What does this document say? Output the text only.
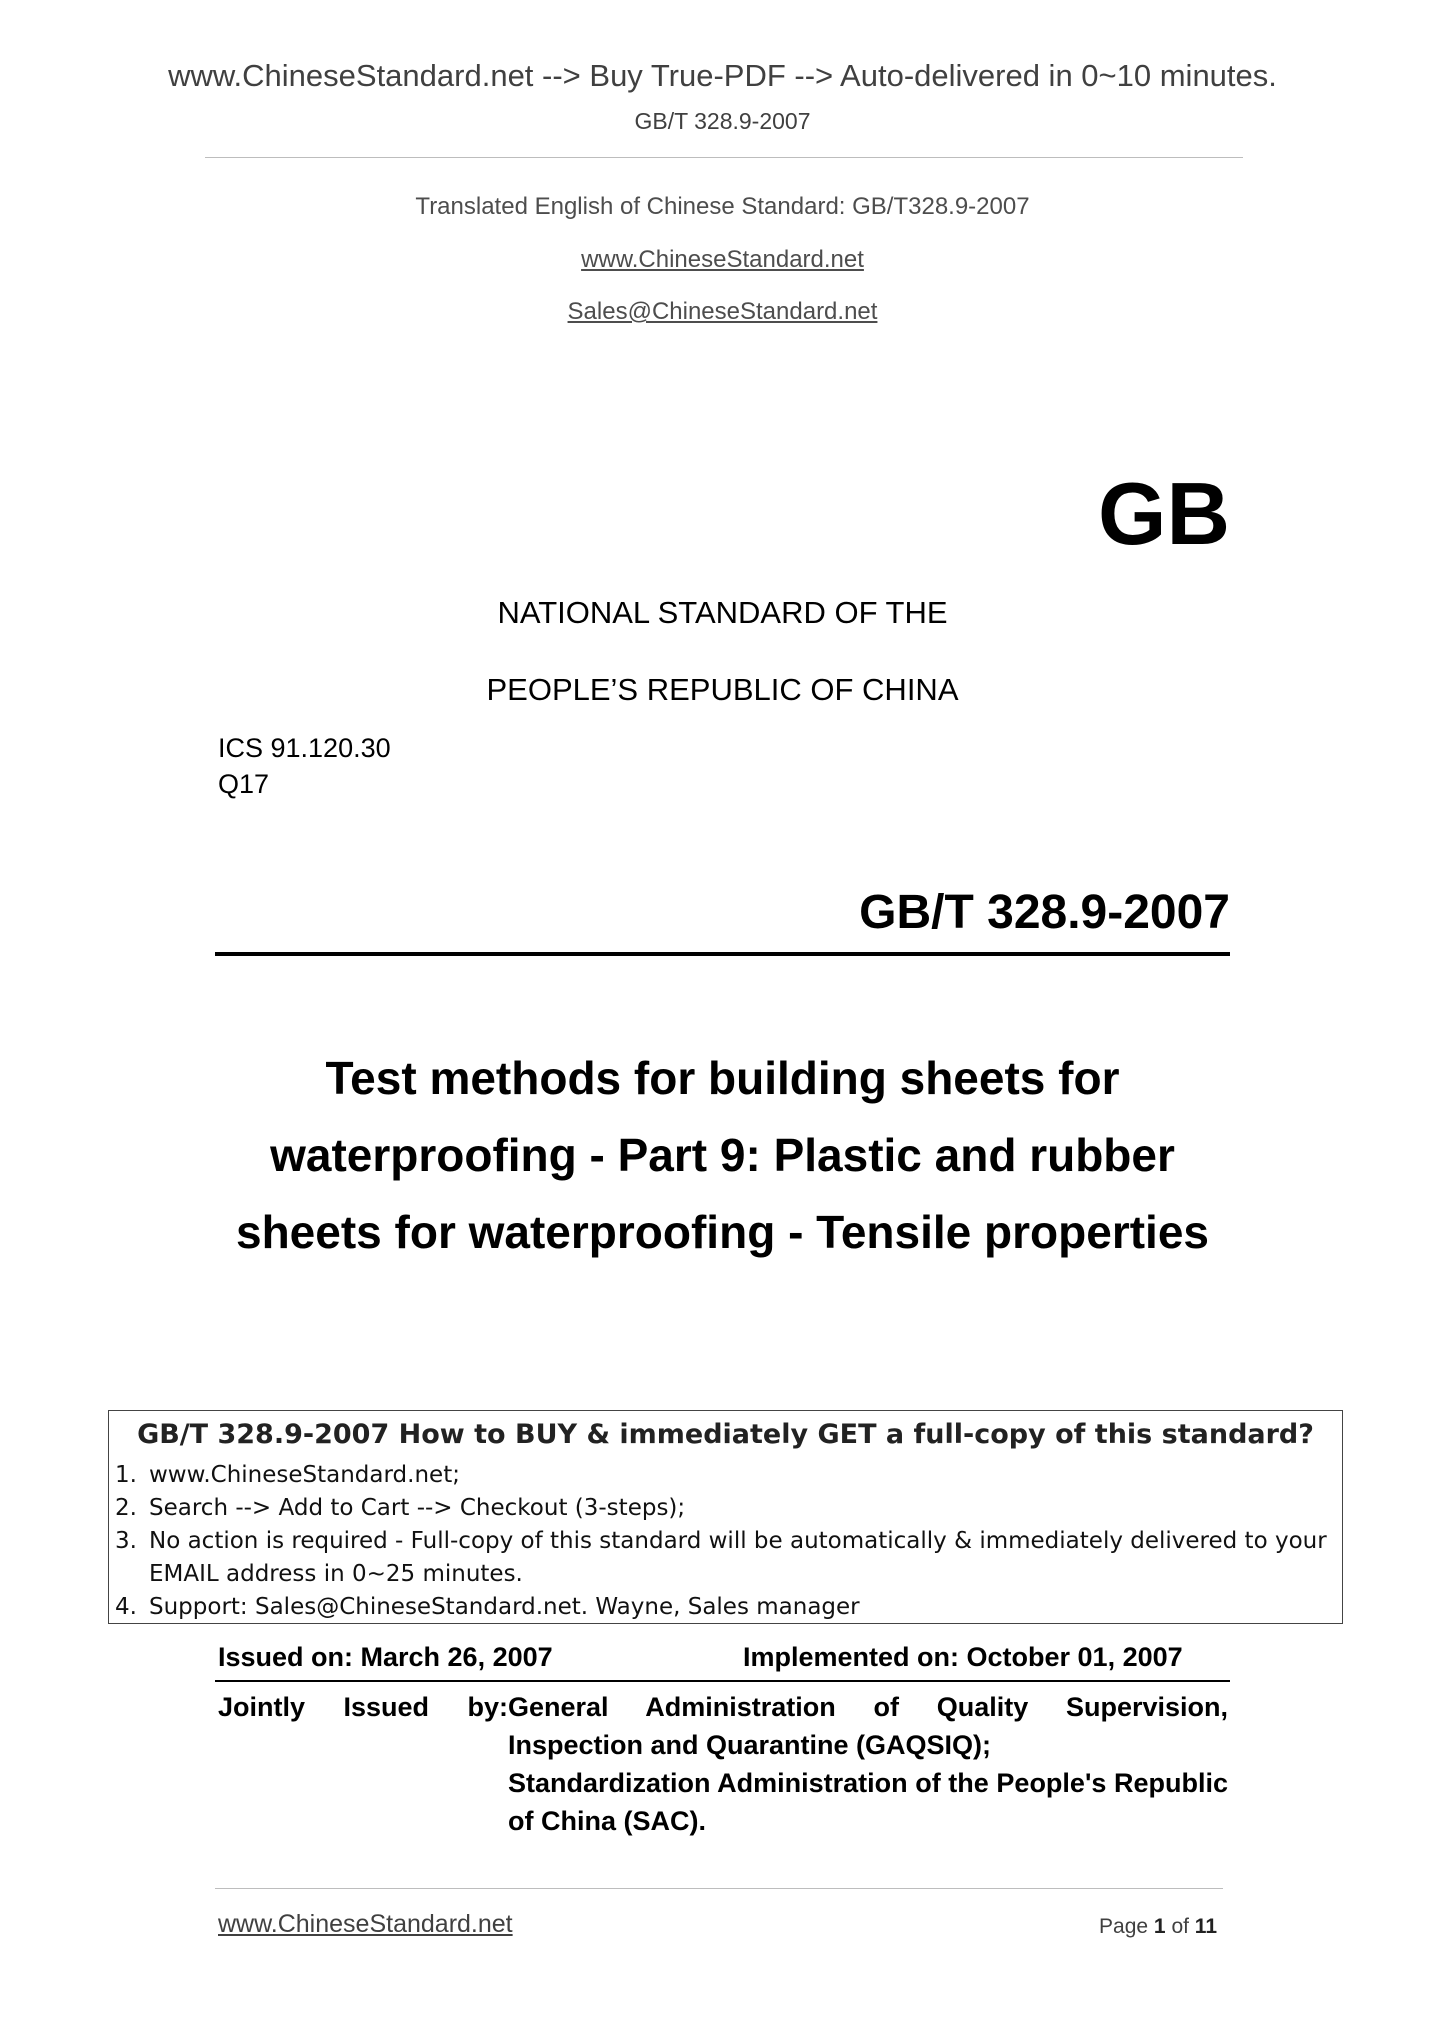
www.ChineseStandard.net --> Buy True-PDF --> Auto-delivered in 0~10 minutes.
GB/T 328.9-2007
Translated English of Chinese Standard: GB/T328.9-2007
www.ChineseStandard.net
Sales@ChineseStandard.net
GB
NATIONAL STANDARD OF THE
PEOPLE’S REPUBLIC OF CHINA
ICS 91.120.30
Q17
GB/T 328.9-2007
Test methods for building sheets for
waterproofing - Part 9: Plastic and rubber
sheets for waterproofing - Tensile properties
GB/T 328.9-2007 How to BUY & immediately GET a full-copy of this standard?
1. www.ChineseStandard.net;
2. Search --> Add to Cart --> Checkout (3-steps);
3. No action is required - Full-copy of this standard will be automatically & immediately delivered to your EMAIL address in 0~25 minutes.
4. Support: Sales@ChineseStandard.net. Wayne, Sales manager
Issued on: March 26, 2007	Implemented on: October 01, 2007
Jointly Issued by: General Administration of Quality Supervision, Inspection and Quarantine (GAQSIQ);

Standardization Administration of the People's Republic of China (SAC).

www.ChineseStandard.net	Page 1 of 11
